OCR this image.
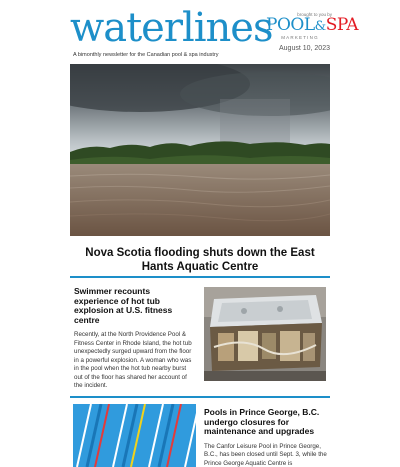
waterlines
A bimonthly newsletter for the Canadian pool & spa industry
brought to you by
POOL&SPA
MARKETING
August 10, 2023
Nova Scotia flooding shuts down the East Hants Aquatic Centre
Swimmer recounts experience of hot tub explosion at U.S. fitness centre
Recently, at the North Providence Pool & Fitness Center in Rhode Island, the hot tub unexpectedly surged upward from the floor in a powerful explosion. A woman who was in the pool when the hot tub nearby burst out of the floor has shared her account of the incident.
Pools in Prince George, B.C. undergo closures for maintenance and upgrades
The Canfor Leisure Pool in Prince George, B.C., has been closed until Sept. 3, while the Prince George Aquatic Centre is
